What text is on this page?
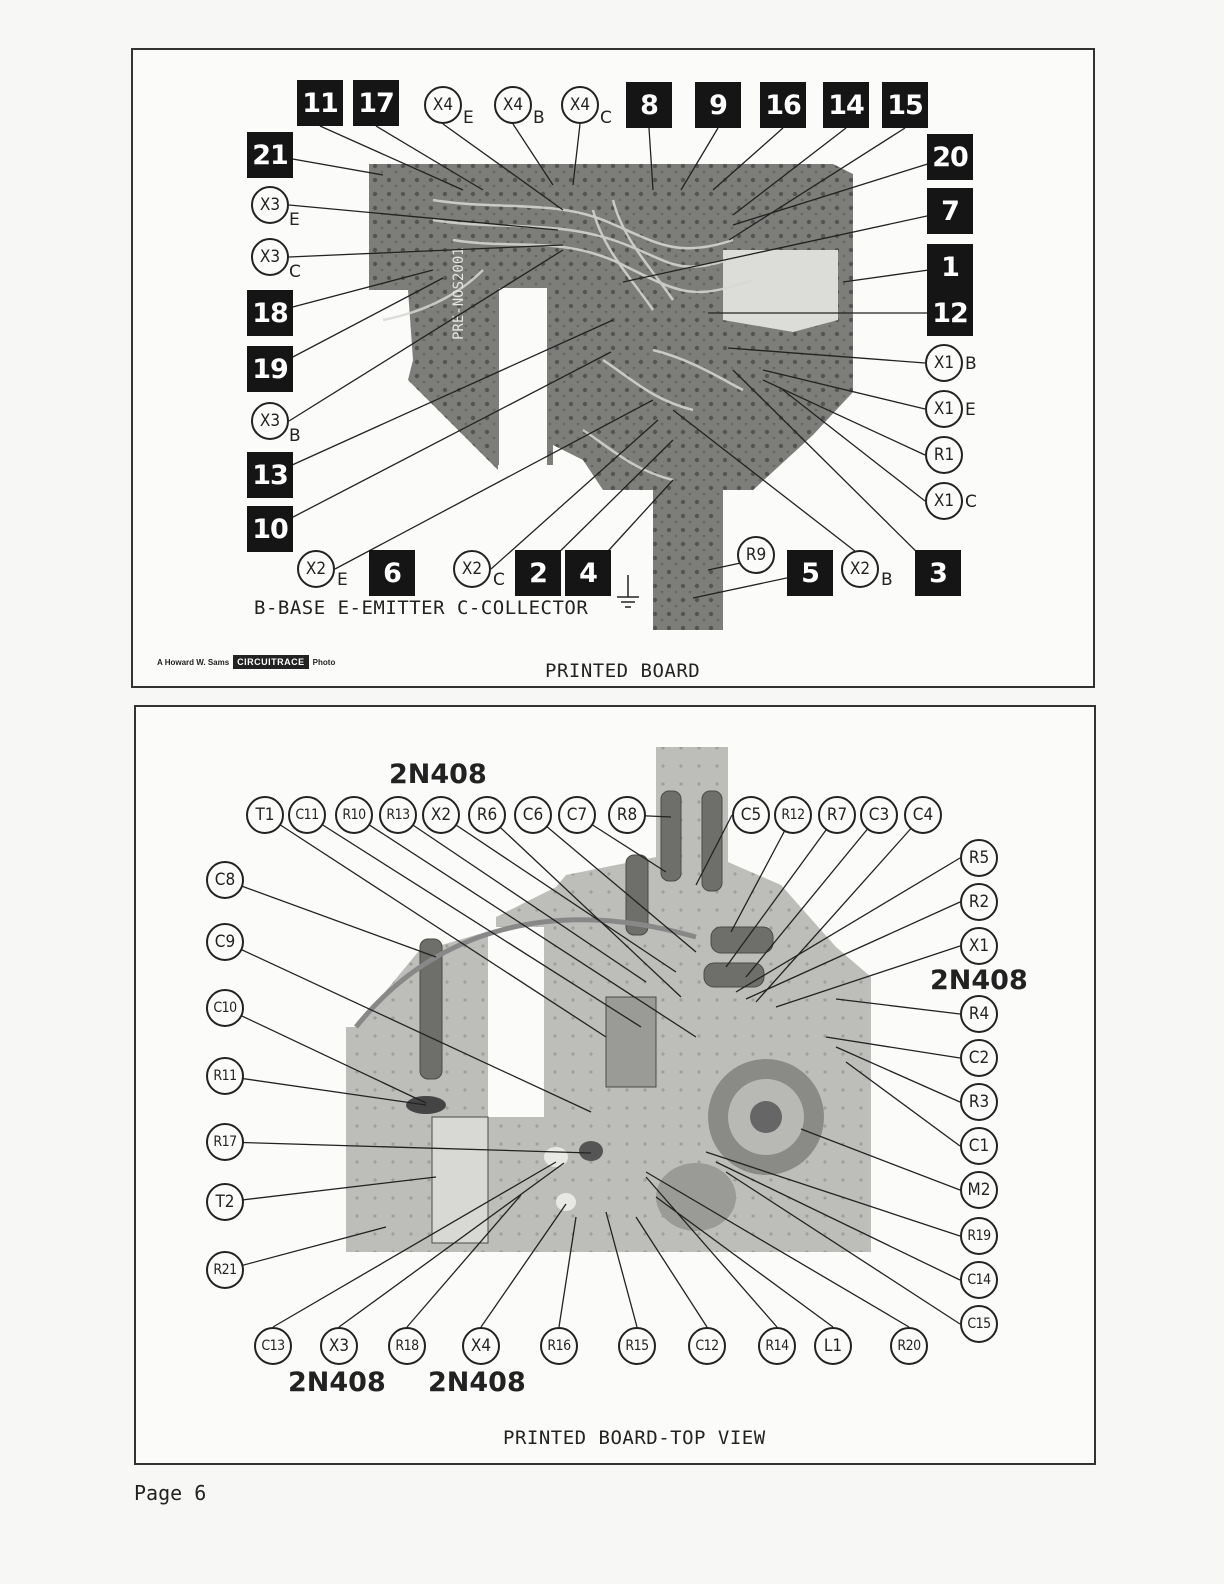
PRE-NOS2001
11 17	8	9	16 14 15
21	20
7
1
12
18
19
13
10
6	2	4	5	3
X4
E
X4
B
X4
C
X3
E
X3
C
X3
B
X1 B
X1 E
R1
X1 C
X2
E
X2
C
R9
X2
B
B-BASE E-EMITTER C-COLLECTOR
A Howard W. Sams CIRCUITRACE	Photo	PRINTED BOARD
T1	C11	R10	R13	X2	R6	C6	C7	R8	C5	R12	R7	C3	C4
C8
C9
C10
R11
R17
T2
R21
R5
R2
X1
R4
C2
R3
C1
M2
R19
C14
C15
C13	X3	R18	X4	R16	R15	C12	R14	L1	R20
2N408
2N408
2N408 2N408
PRINTED BOARD-TOP VIEW
Page 6
